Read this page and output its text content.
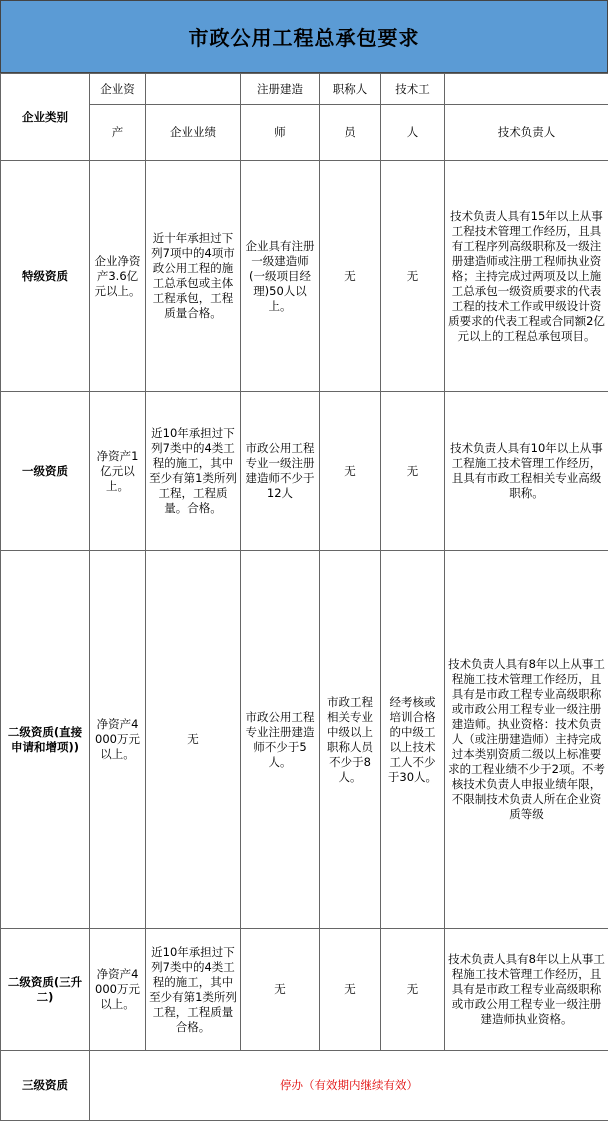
市政公用工程总承包要求
企业类别	企业资		注册建造	职称人	技术工	
	产	企业业绩	师	员	人	技术负责人
特级资质	企业净资产3.6亿元以上。	近十年承担过下列7项中的4项市政公用工程的施工总承包或主体工程承包，工程质量合格。	企业具有注册一级建造师(一级项目经理)50人以上。	无	无	技术负责人具有15年以上从事工程技术管理工作经历，且具有工程序列高级职称及一级注册建造师或注册工程师执业资格；主持完成过两项及以上施工总承包一级资质要求的代表工程的技术工作或甲级设计资质要求的代表工程或合同额2亿元以上的工程总承包项目。
一级资质	净资产1亿元以上。	近10年承担过下列7类中的4类工程的施工，其中至少有第1类所列工程，工程质量。合格。	市政公用工程专业一级注册建造师不少于12人	无	无	技术负责人具有10年以上从事工程施工技术管理工作经历，且具有市政工程相关专业高级职称。
二级资质(直接申请和增项))	净资产4000万元以上。	无	市政公用工程专业注册建造师不少于5人。	市政工程相关专业中级以上职称人员不少于8人。	经考核或培训合格的中级工以上技术工人不少于30人。	技术负责人具有8年以上从事工程施工技术管理工作经历，且具有是市政工程专业高级职称或市政公用工程专业一级注册建造师。执业资格：技术负责人（或注册建造师）主持完成过本类别资质二级以上标准要求的工程业绩不少于2项。不考核技术负责人申报业绩年限，不限制技术负责人所在企业资质等级
二级资质(三升二)	净资产4000万元以上。	近10年承担过下列7类中的4类工程的施工，其中至少有第1类所列工程，工程质量合格。	无	无	无	技术负责人具有8年以上从事工程施工技术管理工作经历，且具有是市政工程专业高级职称或市政公用工程专业一级注册建造师执业资格。
三级资质	停办（有效期内继续有效）					
